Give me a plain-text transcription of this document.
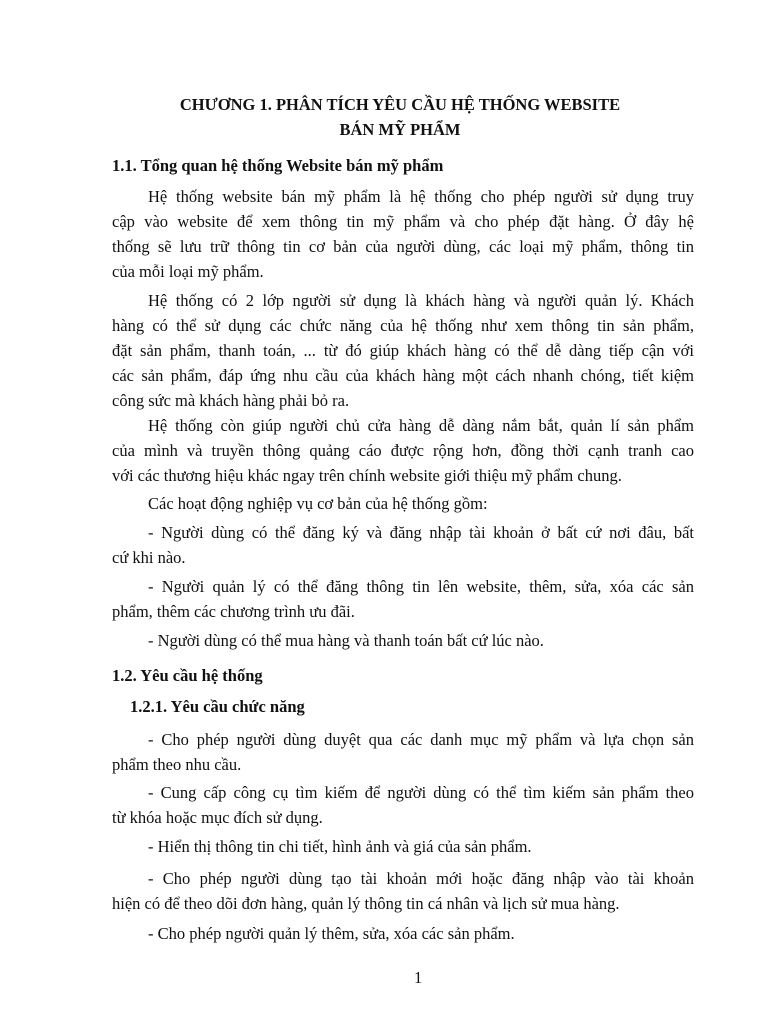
CHƯƠNG 1. PHÂN TÍCH YÊU CẦU HỆ THỐNG WEBSITE
BÁN MỸ PHẨM
1.1. Tổng quan hệ thống Website bán mỹ phẩm
Hệ thống website bán mỹ phẩm là hệ thống cho phép người sử dụng truy
cập vào website để xem thông tin mỹ phẩm và cho phép đặt hàng. Ở đây hệ
thống sẽ lưu trữ thông tin cơ bản của người dùng, các loại mỹ phẩm, thông tin
của mỗi loại mỹ phẩm.
Hệ thống có 2 lớp người sử dụng là khách hàng và người quản lý. Khách
hàng có thể sử dụng các chức năng của hệ thống như xem thông tin sản phẩm,
đặt sản phẩm, thanh toán, ... từ đó giúp khách hàng có thể dễ dàng tiếp cận với
các sản phẩm, đáp ứng nhu cầu của khách hàng một cách nhanh chóng, tiết kiệm
công sức mà khách hàng phải bỏ ra.
Hệ thống còn giúp người chủ cửa hàng dễ dàng nắm bắt, quản lí sản phẩm
của mình và truyền thông quảng cáo được rộng hơn, đồng thời cạnh tranh cao
với các thương hiệu khác ngay trên chính website giới thiệu mỹ phẩm chung.
Các hoạt động nghiệp vụ cơ bản của hệ thống gồm:
- Người dùng có thể đăng ký và đăng nhập tài khoản ở bất cứ nơi đâu, bất
cứ khi nào.
- Người quản lý có thể đăng thông tin lên website, thêm, sửa, xóa các sản
phẩm, thêm các chương trình ưu đãi.
- Người dùng có thể mua hàng và thanh toán bất cứ lúc nào.
1.2. Yêu cầu hệ thống
1.2.1. Yêu cầu chức năng
- Cho phép người dùng duyệt qua các danh mục mỹ phẩm và lựa chọn sản
phẩm theo nhu cầu.
- Cung cấp công cụ tìm kiếm để người dùng có thể tìm kiếm sản phẩm theo
từ khóa hoặc mục đích sử dụng.
- Hiển thị thông tin chi tiết, hình ảnh và giá của sản phẩm.
- Cho phép người dùng tạo tài khoản mới hoặc đăng nhập vào tài khoản
hiện có để theo dõi đơn hàng, quản lý thông tin cá nhân và lịch sử mua hàng.
- Cho phép người quản lý thêm, sửa, xóa các sản phẩm.
1
